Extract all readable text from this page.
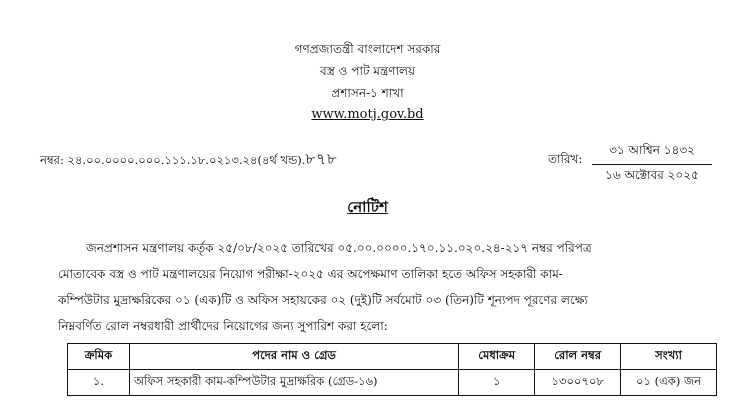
গণপ্রজাতন্ত্রী বাংলাদেশ সরকার
বস্ত্র ও পাট মন্ত্রণালয়
প্রশাসন-১ শাখা
www.motj.gov.bd
নম্বর: ২৪.০০.০০০০.০০০.১১১.১৮.০২১৩.২৪(৪র্থ খন্ড).৮৭৮	তারিখ:
৩১ আশ্বিন ১৪৩২
১৬ অক্টোবর ২০২৫
নোটিশ
জনপ্রশাসন মন্ত্রণালয় কর্তৃক ২৫/০৮/২০২৫ তারিখের ০৫.০০.০০০০.১৭০.১১.০২০.২৪-২১৭ নম্বর পরিপত্র
মোতাবেক বস্ত্র ও পাট মন্ত্রণালয়ের নিয়োগ পরীক্ষা-২০২৫ এর অপেক্ষমাণ তালিকা হতে অফিস সহকারী কাম-
কম্পিউটার মুদ্রাক্ষরিকের ০১ (এক)টি ও অফিস সহায়কের ০২ (দুই)টি সর্বমোট ০৩ (তিন)টি শূন্যপদ পূরণের লক্ষ্যে
নিম্নবর্ণিত রোল নম্বরধারী প্রার্থীদের নিয়োগের জন্য সুপারিশ করা হলো:
ক্রমিক	পদের নাম ও গ্রেড	মেধাক্রম	রোল নম্বর	সংখ্যা
১.	অফিস সহকারী কাম-কম্পিউটার মুদ্রাক্ষরিক (গ্রেড-১৬)	১	১৩০০৭০৮	০১ (এক) জন
